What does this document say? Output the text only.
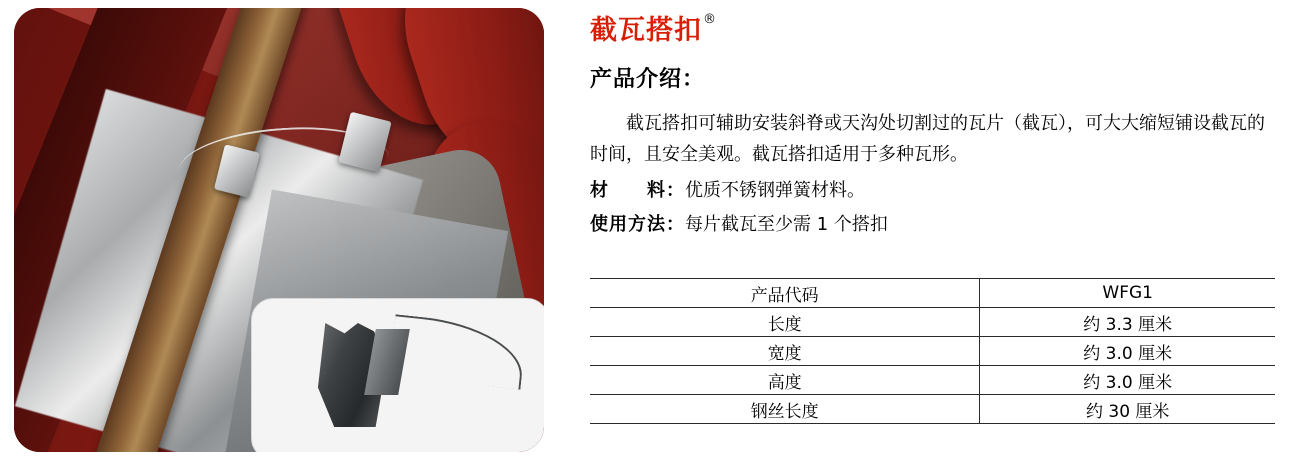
截瓦搭扣®
产品介绍：
截瓦搭扣可辅助安装斜脊或天沟处切割过的瓦片（截瓦），可大大缩短铺设截瓦的时间，且安全美观。截瓦搭扣适用于多种瓦形。
材　　料：优质不锈钢弹簧材料。
使用方法：每片截瓦至少需 1 个搭扣
产品代码	WFG1
长度	约 3.3 厘米
宽度	约 3.0 厘米
高度	约 3.0 厘米
钢丝长度	约 30 厘米
